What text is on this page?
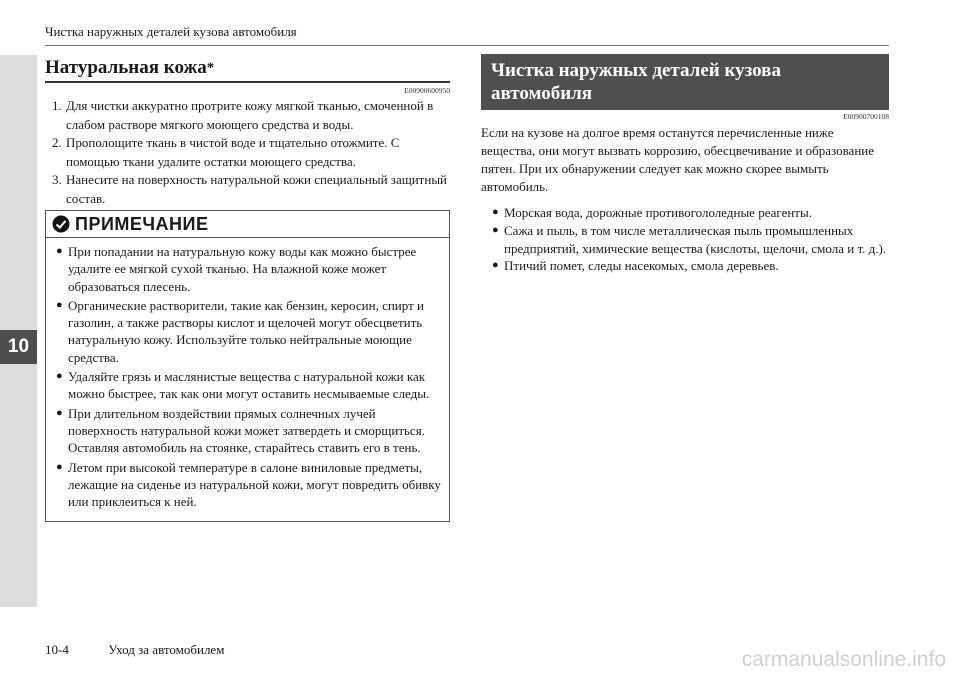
10
Чистка наружных деталей кузова автомобиля
Натуральная кожа*
E00900600950
1. Для чистки аккуратно протрите кожу мягкой тканью, смоченной в слабом растворе мягкого моющего средства и воды.
2. Прополощите ткань в чистой воде и тщательно отожмите. С помощью ткани удалите остатки моющего средства.
3. Нанесите на поверхность натуральной кожи специальный защитный состав.
ПРИМЕЧАНИЕ
● При попадании на натуральную кожу воды как можно быстрее удалите ее мягкой сухой тканью. На влажной коже может образоваться плесень.
● Органические растворители, такие как бензин, керосин, спирт и газолин, а также растворы кислот и щелочей могут обесцветить натуральную кожу. Используйте только нейтральные моющие средства.
● Удаляйте грязь и маслянистые вещества с натуральной кожи как можно быстрее, так как они могут оставить несмываемые следы.
● При длительном воздействии прямых солнечных лучей поверхность натуральной кожи может затвердеть и сморщиться. Оставляя автомобиль на стоянке, старайтесь ставить его в тень.
● Летом при высокой температуре в салоне виниловые предметы, лежащие на сиденье из натуральной кожи, могут повредить обивку или приклеиться к ней.
Чистка наружных деталей кузова
автомобиля
E00900700108
Если на кузове на долгое время останутся перечисленные ниже вещества, они могут вызвать коррозию, обесцвечивание и образование пятен. При их обнаружении следует как можно скорее вымыть автомобиль.
● Морская вода, дорожные противогололедные реагенты.
● Сажа и пыль, в том числе металлическая пыль промышленных предприятий, химические вещества (кислоты, щелочи, смола и т. д.).
● Птичий помет, следы насекомых, смола деревьев.
10-4	Уход за автомобилем	carmanualsonline.info
